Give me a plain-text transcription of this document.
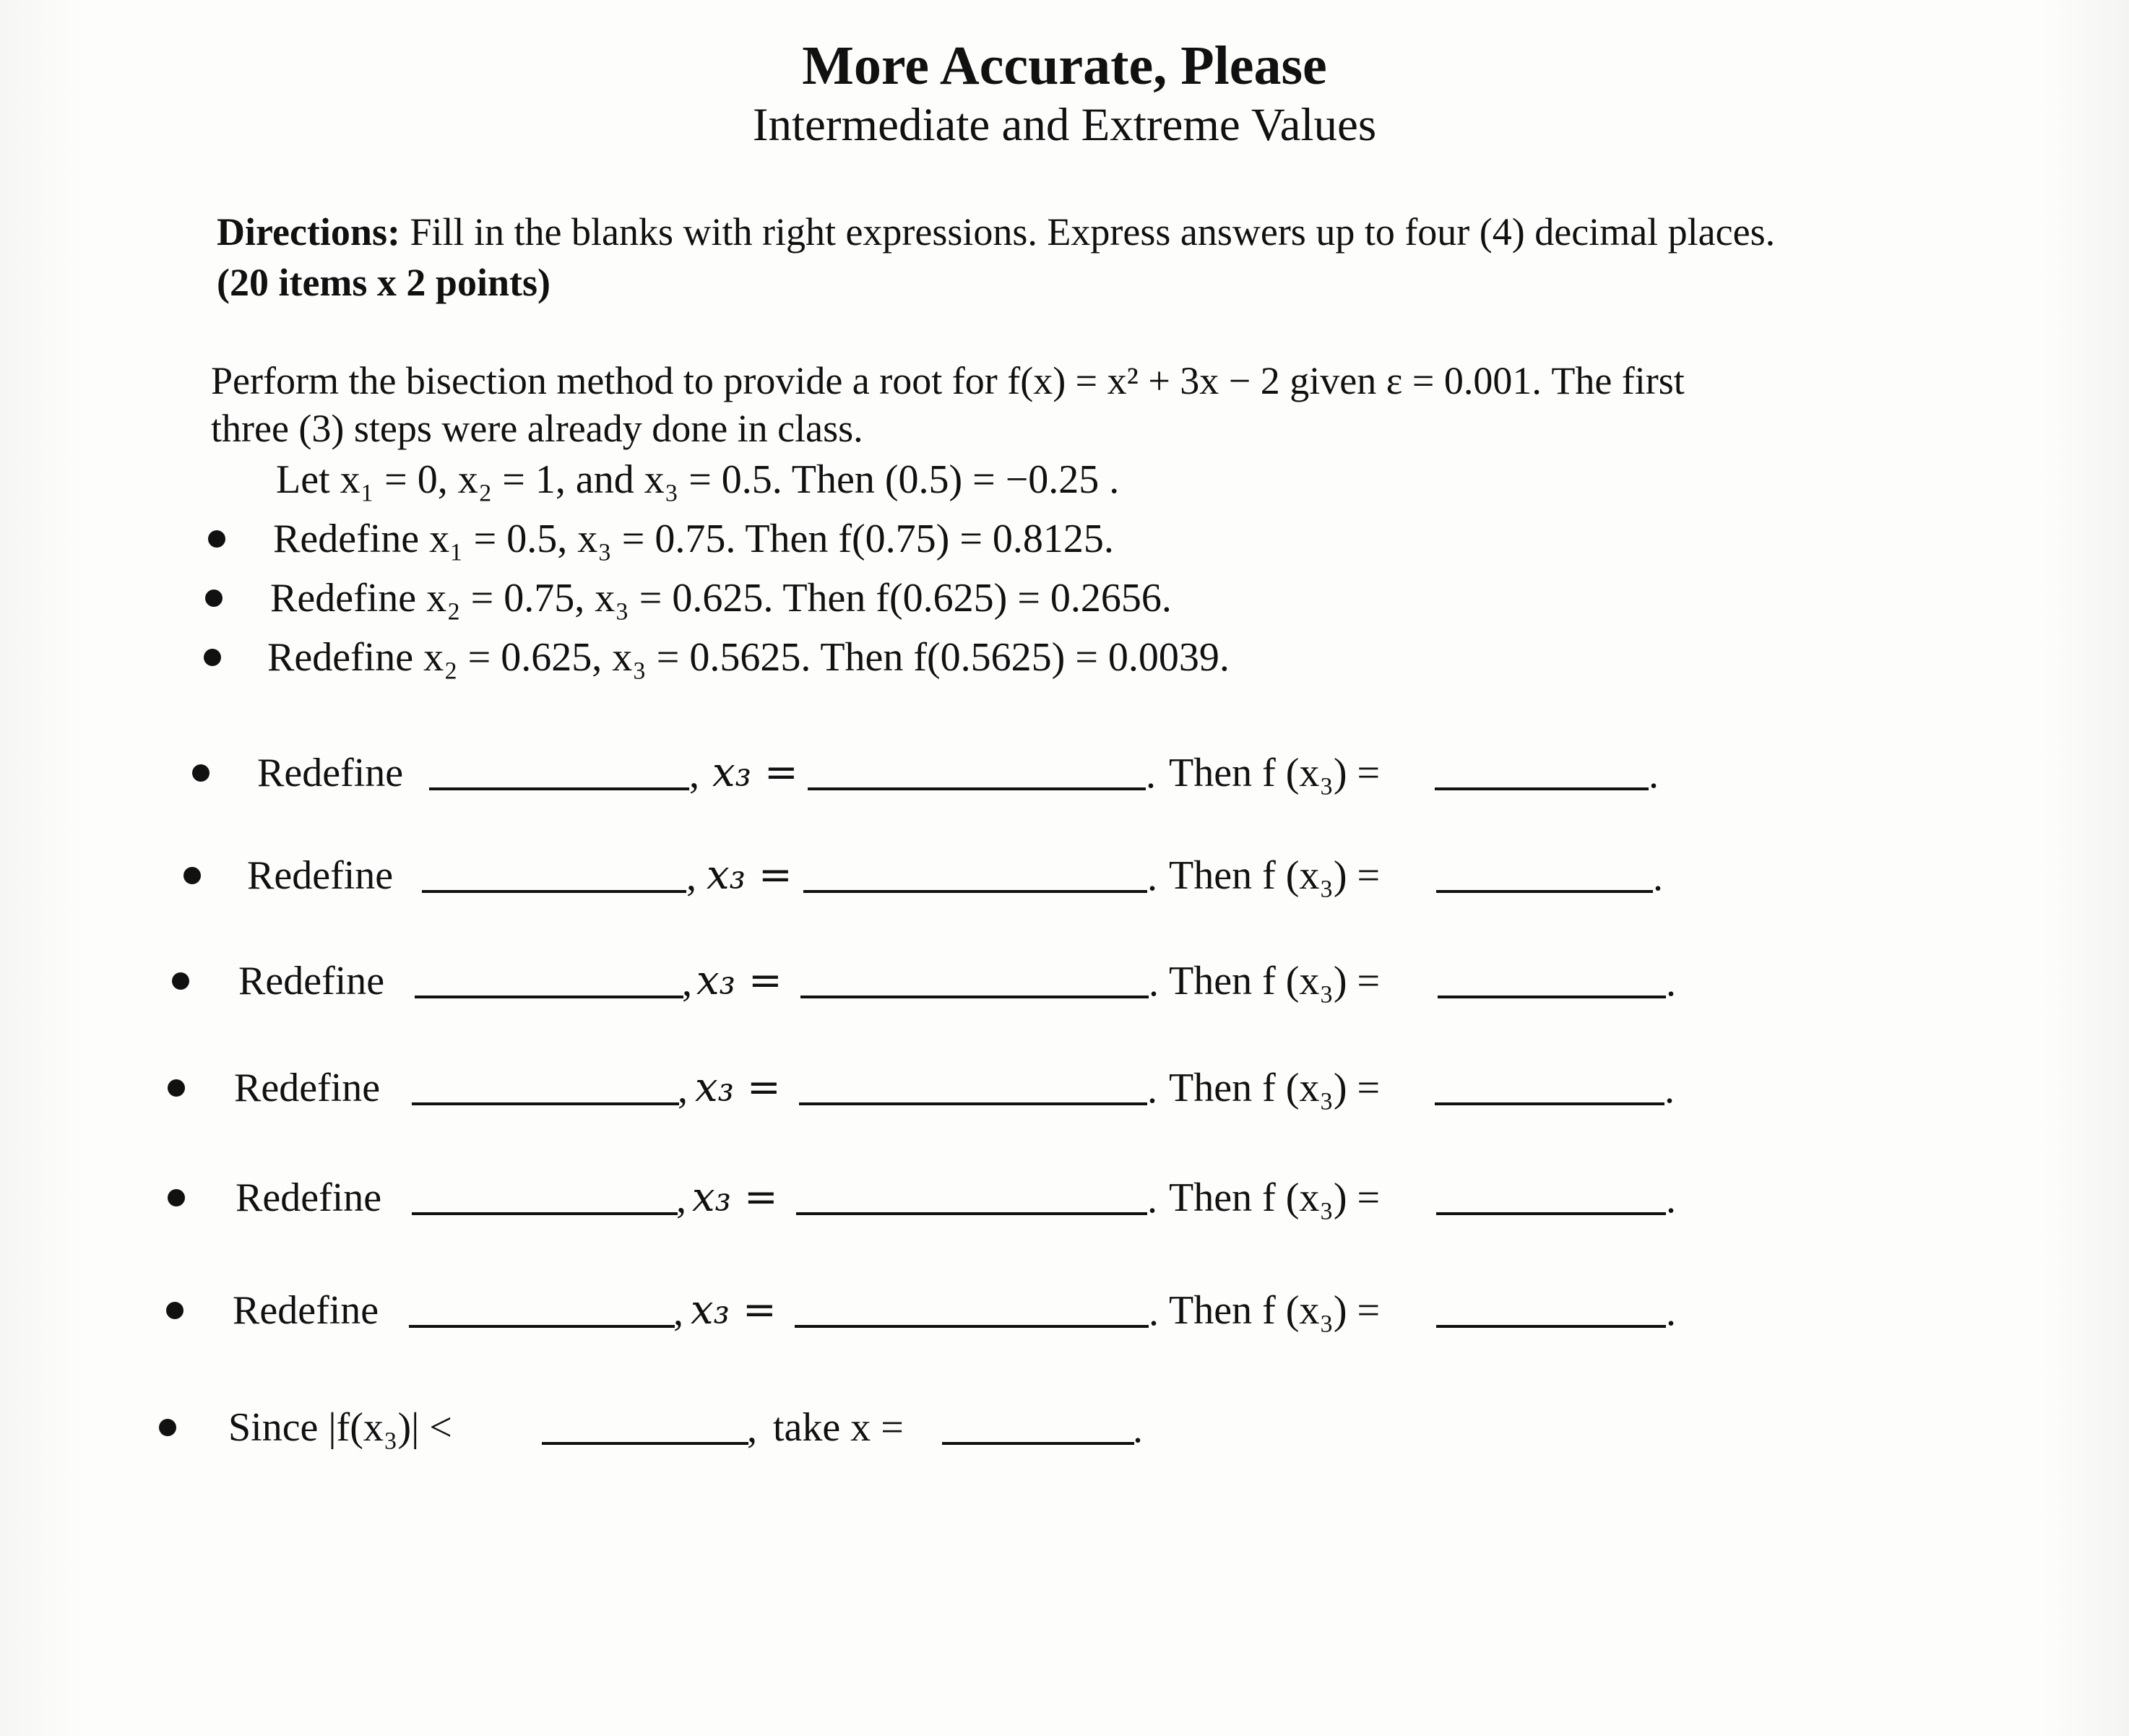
More Accurate, Please
Intermediate and Extreme Values
Directions: Fill in the blanks with right expressions. Express answers up to four (4) decimal places.
(20 items x 2 points)
Perform the bisection method to provide a root for f(x) = x² + 3x − 2 given ε = 0.001. The first
three (3) steps were already done in class.
Let x₁ = 0, x₂ = 1, and x₃ = 0.5. Then (0.5) = −0.25 .
Redefine x₁ = 0.5, x₃ = 0.75. Then f(0.75) = 0.8125.
Redefine x₂ = 0.75, x₃ = 0.625. Then f(0.625) = 0.2656.
Redefine x₂ = 0.625, x₃ = 0.5625. Then f(0.5625) = 0.0039.
Redefine	, x₃ =	. Then f (x₃) =	.
Redefine	, x₃ =	. Then f (x₃) =	.
Redefine	, x₃ =	. Then f (x₃) =	.
Redefine	, x₃ =	. Then f (x₃) =	.
Redefine	, x₃ =	. Then f (x₃) =	.
Redefine	, x₃ =	. Then f (x₃) =	.
Since |f(x₃)| <	, take x =	.
